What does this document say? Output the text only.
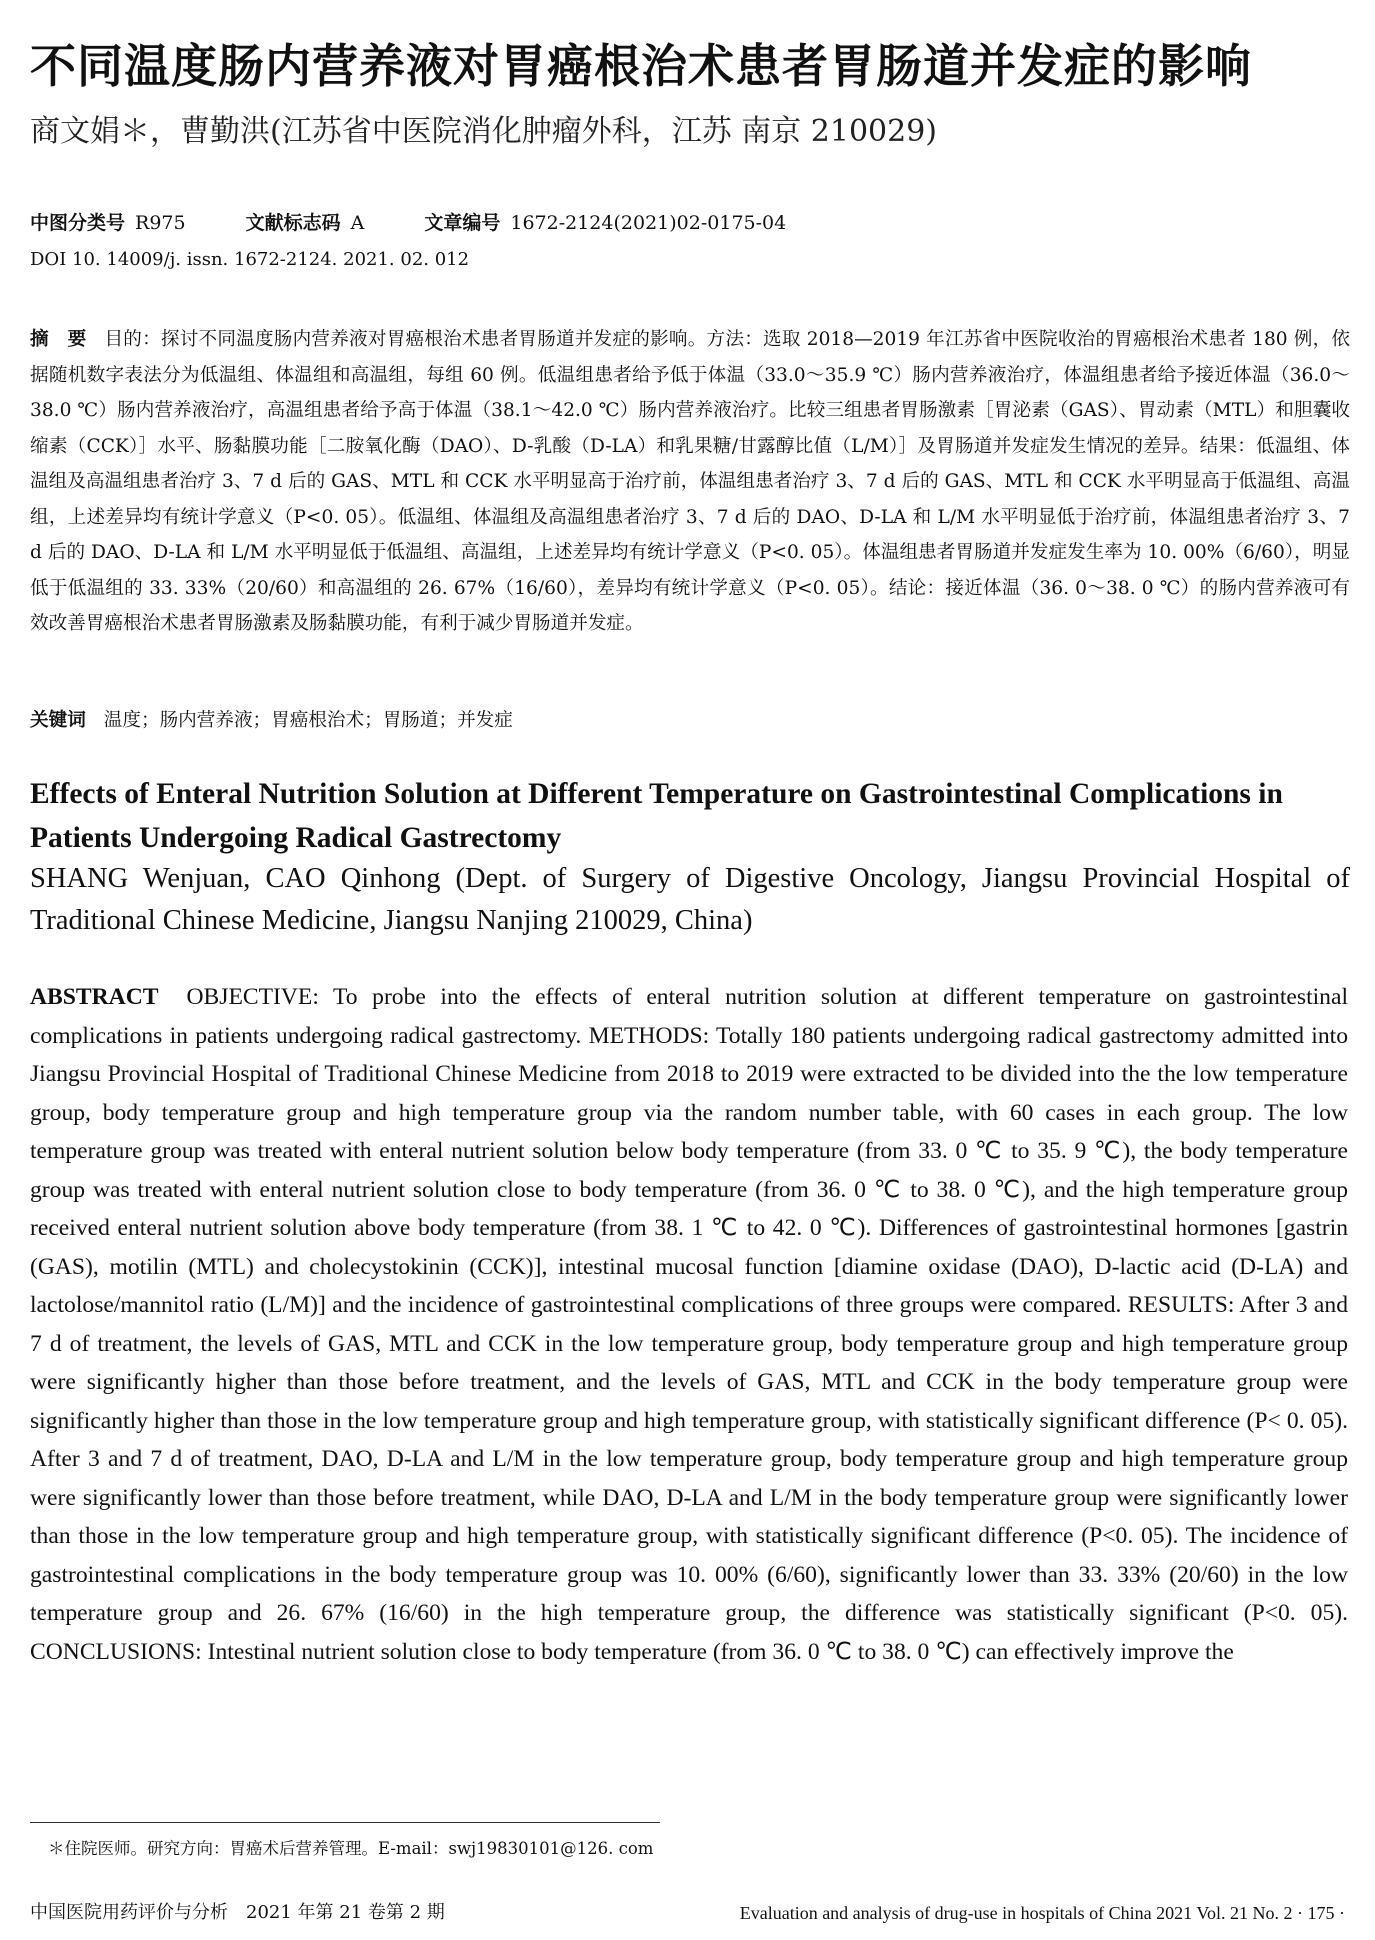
不同温度肠内营养液对胃癌根治术患者胃肠道并发症的影响
商文娟＊，曹勤洪(江苏省中医院消化肿瘤外科，江苏 南京 210029)
中图分类号 R975	文献标志码 A	文章编号 1672-2124(2021)02-0175-04
DOI 10. 14009/j. issn. 1672-2124. 2021. 02. 012
摘　要 目的：探讨不同温度肠内营养液对胃癌根治术患者胃肠道并发症的影响。方法：选取 2018—2019 年江苏省中医院收治的胃癌根治术患者 180 例，依据随机数字表法分为低温组、体温组和高温组，每组 60 例。低温组患者给予低于体温（33.0～35.9 ℃）肠内营养液治疗，体温组患者给予接近体温（36.0～38.0 ℃）肠内营养液治疗，高温组患者给予高于体温（38.1～42.0 ℃）肠内营养液治疗。比较三组患者胃肠激素［胃泌素（GAS）、胃动素（MTL）和胆囊收缩素（CCK）］水平、肠黏膜功能［二胺氧化酶（DAO）、D-乳酸（D-LA）和乳果糖/甘露醇比值（L/M）］及胃肠道并发症发生情况的差异。结果：低温组、体温组及高温组患者治疗 3、7 d 后的 GAS、MTL 和 CCK 水平明显高于治疗前，体温组患者治疗 3、7 d 后的 GAS、MTL 和 CCK 水平明显高于低温组、高温组，上述差异均有统计学意义（P<0. 05）。低温组、体温组及高温组患者治疗 3、7 d 后的 DAO、D-LA 和 L/M 水平明显低于治疗前，体温组患者治疗 3、7 d 后的 DAO、D-LA 和 L/M 水平明显低于低温组、高温组，上述差异均有统计学意义（P<0. 05）。体温组患者胃肠道并发症发生率为 10. 00%（6/60），明显低于低温组的 33. 33%（20/60）和高温组的 26. 67%（16/60），差异均有统计学意义（P<0. 05）。结论：接近体温（36. 0～38. 0 ℃）的肠内营养液可有效改善胃癌根治术患者胃肠激素及肠黏膜功能，有利于减少胃肠道并发症。
关键词 温度；肠内营养液；胃癌根治术；胃肠道；并发症
Effects of Enteral Nutrition Solution at Different Temperature on Gastrointestinal Complications in Patients Undergoing Radical Gastrectomy
SHANG Wenjuan, CAO Qinhong (Dept. of Surgery of Digestive Oncology, Jiangsu Provincial Hospital of Traditional Chinese Medicine, Jiangsu Nanjing 210029, China)
ABSTRACT OBJECTIVE: To probe into the effects of enteral nutrition solution at different temperature on gastrointestinal complications in patients undergoing radical gastrectomy. METHODS: Totally 180 patients undergoing radical gastrectomy admitted into Jiangsu Provincial Hospital of Traditional Chinese Medicine from 2018 to 2019 were extracted to be divided into the the low temperature group, body temperature group and high temperature group via the random number table, with 60 cases in each group. The low temperature group was treated with enteral nutrient solution below body temperature (from 33. 0 ℃ to 35. 9 ℃), the body temperature group was treated with enteral nutrient solution close to body temperature (from 36. 0 ℃ to 38. 0 ℃), and the high temperature group received enteral nutrient solution above body temperature (from 38. 1 ℃ to 42. 0 ℃). Differences of gastrointestinal hormones [gastrin (GAS), motilin (MTL) and cholecystokinin (CCK)], intestinal mucosal function [diamine oxidase (DAO), D-lactic acid (D-LA) and lactolose/mannitol ratio (L/M)] and the incidence of gastrointestinal complications of three groups were compared. RESULTS: After 3 and 7 d of treatment, the levels of GAS, MTL and CCK in the low temperature group, body temperature group and high temperature group were significantly higher than those before treatment, and the levels of GAS, MTL and CCK in the body temperature group were significantly higher than those in the low temperature group and high temperature group, with statistically significant difference (P< 0. 05). After 3 and 7 d of treatment, DAO, D-LA and L/M in the low temperature group, body temperature group and high temperature group were significantly lower than those before treatment, while DAO, D-LA and L/M in the body temperature group were significantly lower than those in the low temperature group and high temperature group, with statistically significant difference (P<0. 05). The incidence of gastrointestinal complications in the body temperature group was 10. 00% (6/60), significantly lower than 33. 33% (20/60) in the low temperature group and 26. 67% (16/60) in the high temperature group, the difference was statistically significant (P<0. 05). CONCLUSIONS: Intestinal nutrient solution close to body temperature (from 36. 0 ℃ to 38. 0 ℃) can effectively improve the
＊住院医师。研究方向：胃癌术后营养管理。E-mail：swj19830101@126. com
中国医院用药评价与分析　2021 年第 21 卷第 2 期	Evaluation and analysis of drug-use in hospitals of China 2021 Vol. 21 No. 2 · 175 ·
